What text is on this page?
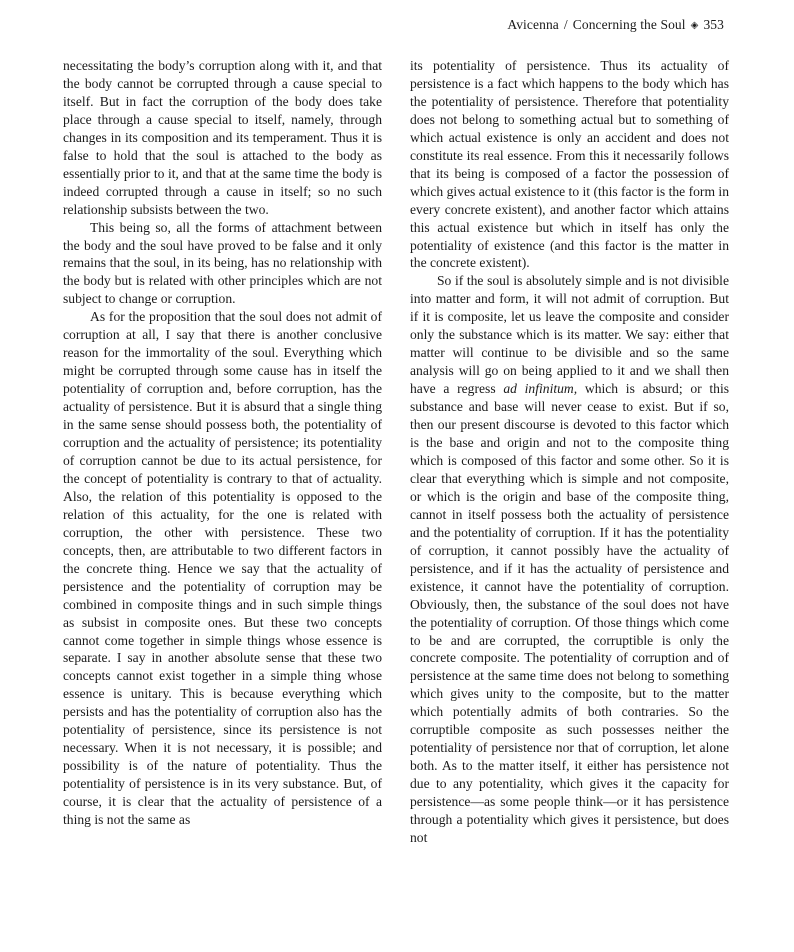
Avicenna / Concerning the Soul ◈ 353

necessitating the body’s corruption along with it, and that the body cannot be corrupted through a cause special to itself. But in fact the corruption of the body does take place through a cause special to itself, namely, through changes in its composition and its temperament. Thus it is false to hold that the soul is attached to the body as essentially prior to it, and that at the same time the body is indeed corrupted through a cause in itself; so no such relationship subsists between the two.

This being so, all the forms of attachment between the body and the soul have proved to be false and it only remains that the soul, in its being, has no relationship with the body but is related with other principles which are not subject to change or corruption.

As for the proposition that the soul does not admit of corruption at all, I say that there is another conclusive reason for the immortality of the soul. Everything which might be corrupted through some cause has in itself the potentiality of corruption and, before corruption, has the actuality of persistence. But it is absurd that a single thing in the same sense should possess both, the potentiality of corruption and the actuality of persistence; its potentiality of corruption cannot be due to its actual persistence, for the concept of potentiality is contrary to that of actuality. Also, the relation of this potentiality is opposed to the relation of this actuality, for the one is related with corruption, the other with persistence. These two concepts, then, are attributable to two different factors in the concrete thing. Hence we say that the actuality of persistence and the potentiality of corruption may be combined in composite things and in such simple things as subsist in composite ones. But these two concepts cannot come together in simple things whose essence is separate. I say in another absolute sense that these two concepts cannot exist together in a simple thing whose essence is unitary. This is because everything which persists and has the potentiality of corruption also has the potentiality of persistence, since its persistence is not necessary. When it is not necessary, it is possible; and possibility is of the nature of potentiality. Thus the potentiality of persistence is in its very substance. But, of course, it is clear that the actuality of persistence of a thing is not the same as

its potentiality of persistence. Thus its actuality of persistence is a fact which happens to the body which has the potentiality of persistence. Therefore that potentiality does not belong to something actual but to something of which actual existence is only an accident and does not constitute its real essence. From this it necessarily follows that its being is composed of a factor the possession of which gives actual existence to it (this factor is the form in every concrete existent), and another factor which attains this actual existence but which in itself has only the potentiality of existence (and this factor is the matter in the concrete existent).

So if the soul is absolutely simple and is not divisible into matter and form, it will not admit of corruption. But if it is composite, let us leave the composite and consider only the substance which is its matter. We say: either that matter will continue to be divisible and so the same analysis will go on being applied to it and we shall then have a regress ad infinitum, which is absurd; or this substance and base will never cease to exist. But if so, then our present discourse is devoted to this factor which is the base and origin and not to the composite thing which is composed of this factor and some other. So it is clear that everything which is simple and not composite, or which is the origin and base of the composite thing, cannot in itself possess both the actuality of persistence and the potentiality of corruption. If it has the potentiality of corruption, it cannot possibly have the actuality of persistence, and if it has the actuality of persistence and existence, it cannot have the potentiality of corruption. Obviously, then, the substance of the soul does not have the potentiality of corruption. Of those things which come to be and are corrupted, the corruptible is only the concrete composite. The potentiality of corruption and of persistence at the same time does not belong to something which gives unity to the composite, but to the matter which potentially admits of both contraries. So the corruptible composite as such possesses neither the potentiality of persistence nor that of corruption, let alone both. As to the matter itself, it either has persistence not due to any potentiality, which gives it the capacity for persistence—as some people think—or it has persistence through a potentiality which gives it persistence, but does not
